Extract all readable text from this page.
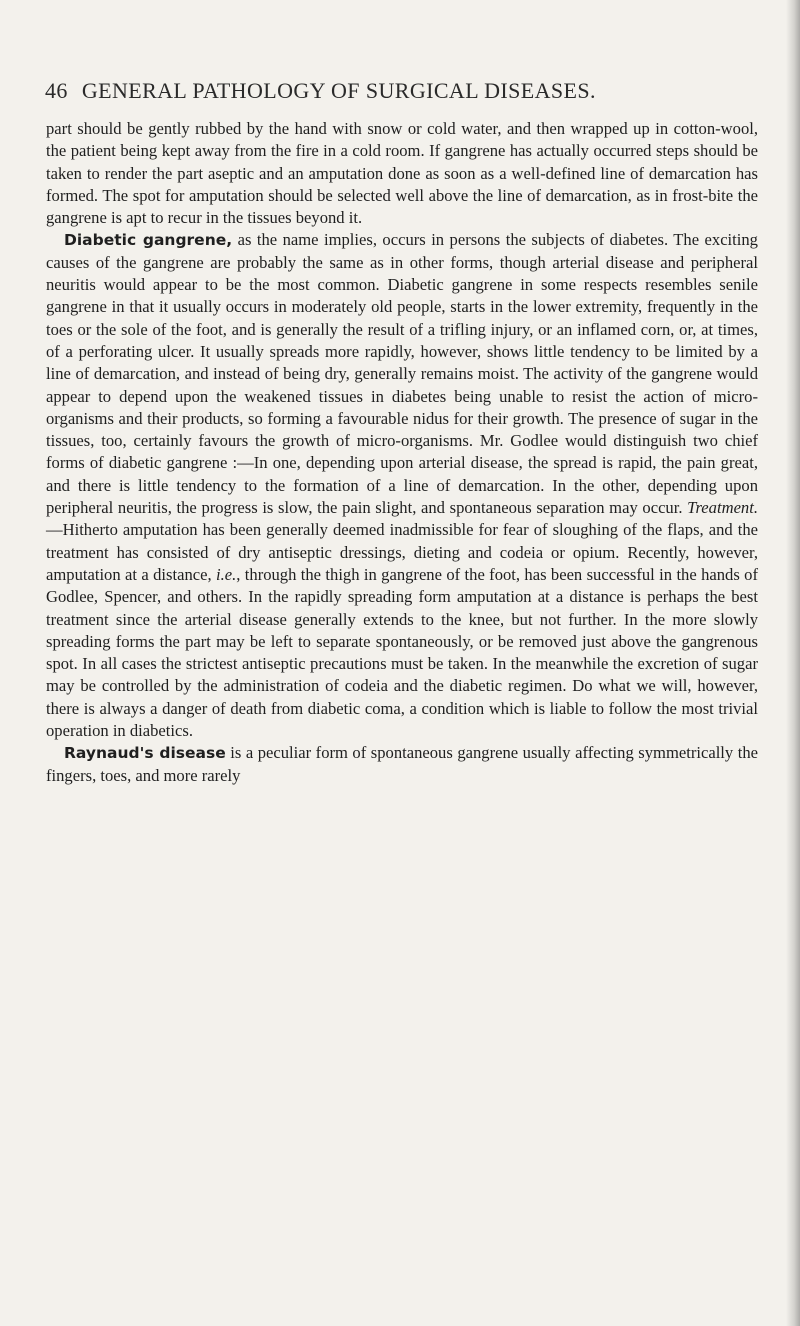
46 GENERAL PATHOLOGY OF SURGICAL DISEASES.

part should be gently rubbed by the hand with snow or cold water, and then wrapped up in cotton-wool, the patient being kept away from the fire in a cold room. If gangrene has actually occurred steps should be taken to render the part aseptic and an amputation done as soon as a well-defined line of demarcation has formed. The spot for amputation should be selected well above the line of demarcation, as in frost-bite the gangrene is apt to recur in the tissues beyond it.

Diabetic gangrene, as the name implies, occurs in persons the subjects of diabetes. The exciting causes of the gangrene are probably the same as in other forms, though arterial disease and peripheral neuritis would appear to be the most common. Diabetic gangrene in some respects resembles senile gangrene in that it usually occurs in moderately old people, starts in the lower extremity, frequently in the toes or the sole of the foot, and is generally the result of a trifling injury, or an inflamed corn, or, at times, of a perforating ulcer. It usually spreads more rapidly, however, shows little tendency to be limited by a line of demarcation, and instead of being dry, generally remains moist. The activity of the gangrene would appear to depend upon the weakened tissues in diabetes being unable to resist the action of micro-organisms and their products, so forming a favourable nidus for their growth. The presence of sugar in the tissues, too, certainly favours the growth of micro-organisms. Mr. Godlee would distinguish two chief forms of diabetic gangrene :—In one, depending upon arterial disease, the spread is rapid, the pain great, and there is little tendency to the formation of a line of demarcation. In the other, depending upon peripheral neuritis, the progress is slow, the pain slight, and spontaneous separation may occur. Treatment.—Hitherto amputation has been generally deemed inadmissible for fear of sloughing of the flaps, and the treatment has consisted of dry antiseptic dressings, dieting and codeia or opium. Recently, however, amputation at a distance, i.e., through the thigh in gangrene of the foot, has been successful in the hands of Godlee, Spencer, and others. In the rapidly spreading form amputation at a distance is perhaps the best treatment since the arterial disease generally extends to the knee, but not further. In the more slowly spreading forms the part may be left to separate spontaneously, or be removed just above the gangrenous spot. In all cases the strictest antiseptic precautions must be taken. In the meanwhile the excretion of sugar may be controlled by the administration of codeia and the diabetic regimen. Do what we will, however, there is always a danger of death from diabetic coma, a condition which is liable to follow the most trivial operation in diabetics.

Raynaud's disease is a peculiar form of spontaneous gangrene usually affecting symmetrically the fingers, toes, and more rarely
